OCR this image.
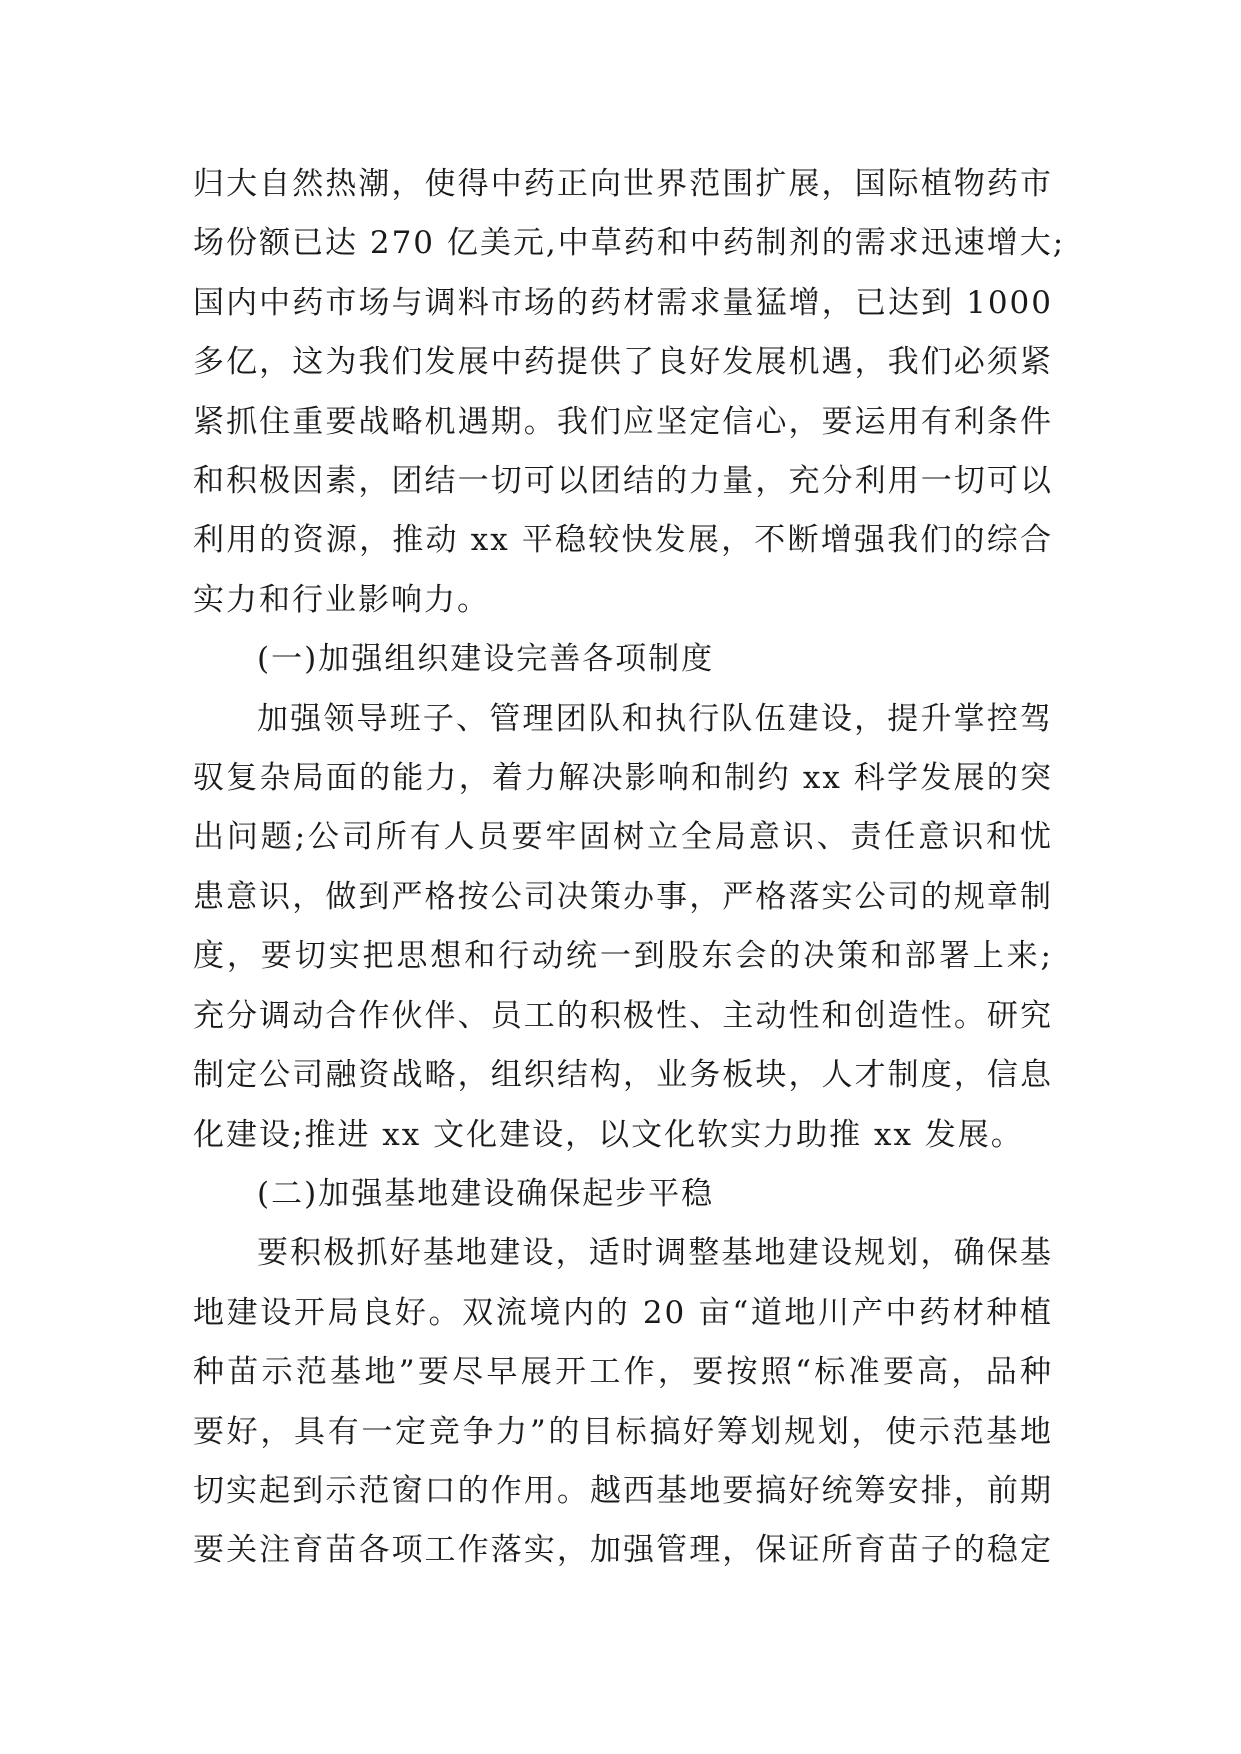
归大自然热潮，使得中药正向世界范围扩展，国际植物药市
场份额已达 270 亿美元,中草药和中药制剂的需求迅速增大;
国内中药市场与调料市场的药材需求量猛增，已达到 1000
多亿，这为我们发展中药提供了良好发展机遇，我们必须紧
紧抓住重要战略机遇期。我们应坚定信心，要运用有利条件
和积极因素，团结一切可以团结的力量，充分利用一切可以
利用的资源，推动 xx 平稳较快发展，不断增强我们的综合
实力和行业影响力。
(一)加强组织建设完善各项制度
加强领导班子、管理团队和执行队伍建设，提升掌控驾
驭复杂局面的能力，着力解决影响和制约 xx 科学发展的突
出问题;公司所有人员要牢固树立全局意识、责任意识和忧
患意识，做到严格按公司决策办事，严格落实公司的规章制
度，要切实把思想和行动统一到股东会的决策和部署上来;
充分调动合作伙伴、员工的积极性、主动性和创造性。研究
制定公司融资战略，组织结构，业务板块，人才制度，信息
化建设;推进 xx 文化建设，以文化软实力助推 xx 发展。
(二)加强基地建设确保起步平稳
要积极抓好基地建设，适时调整基地建设规划，确保基
地建设开局良好。双流境内的 20 亩“道地川产中药材种植
种苗示范基地”要尽早展开工作，要按照“标准要高，品种
要好，具有一定竞争力”的目标搞好筹划规划，使示范基地
切实起到示范窗口的作用。越西基地要搞好统筹安排，前期
要关注育苗各项工作落实，加强管理，保证所育苗子的稳定
